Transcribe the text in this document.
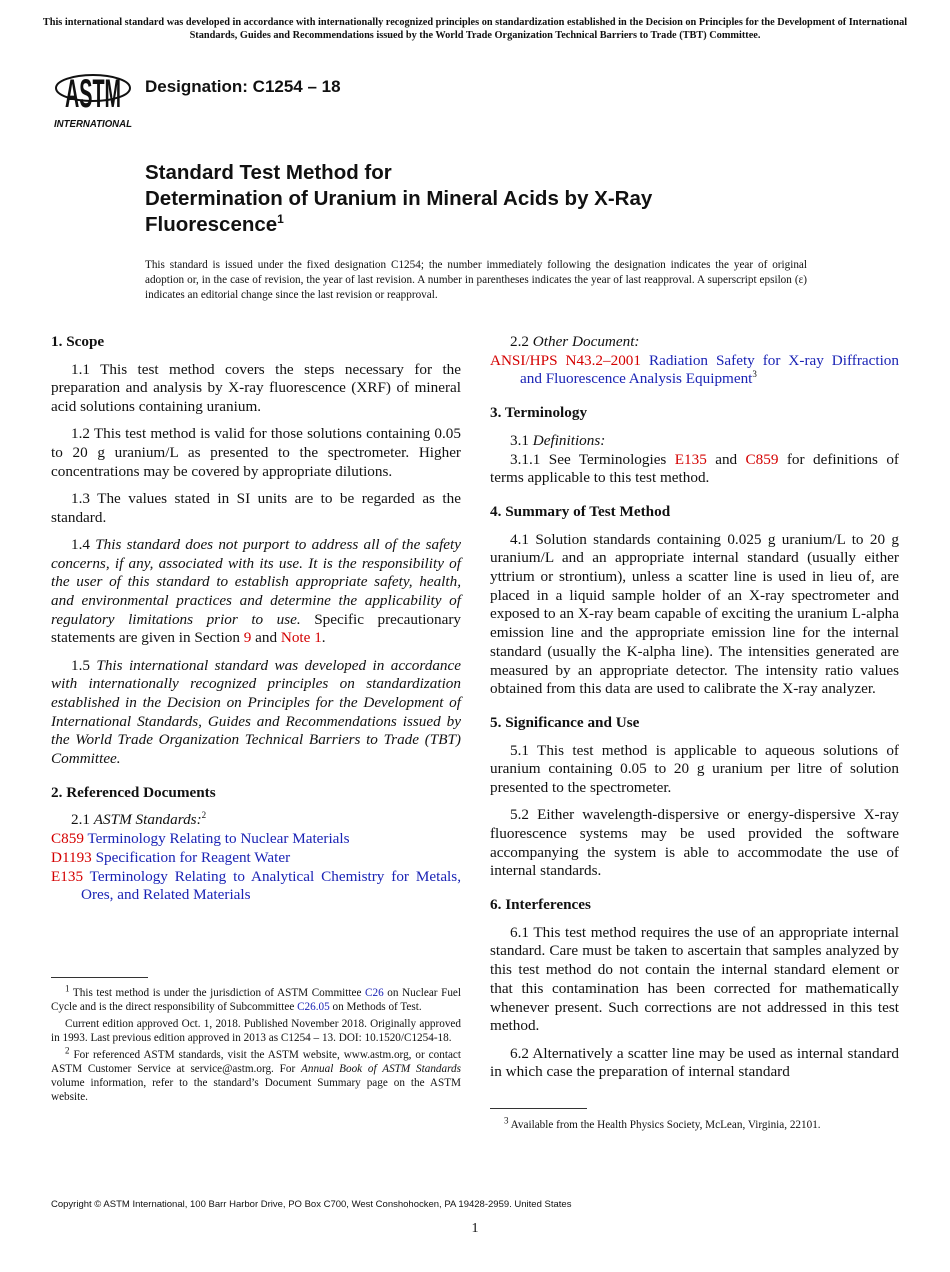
This international standard was developed in accordance with internationally recognized principles on standardization established in the Decision on Principles for the Development of International Standards, Guides and Recommendations issued by the World Trade Organization Technical Barriers to Trade (TBT) Committee.
ASTM
INTERNATIONAL
Designation: C1254 – 18
Standard Test Method for
Determination of Uranium in Mineral Acids by X-Ray
Fluorescence$^1$
This standard is issued under the fixed designation C1254; the number immediately following the designation indicates the year of original adoption or, in the case of revision, the year of last revision. A number in parentheses indicates the year of last reapproval. A superscript epsilon (ε) indicates an editorial change since the last revision or reapproval.
1. Scope

1.1 This test method covers the steps necessary for the preparation and analysis by X-ray fluorescence (XRF) of mineral acid solutions containing uranium.

1.2 This test method is valid for those solutions containing 0.05 to 20 g uranium/L as presented to the spectrometer. Higher concentrations may be covered by appropriate dilutions.

1.3 The values stated in SI units are to be regarded as the standard.

1.4 This standard does not purport to address all of the safety concerns, if any, associated with its use. It is the responsibility of the user of this standard to establish appropriate safety, health, and environmental practices and determine the applicability of regulatory limitations prior to use. Specific precautionary statements are given in Section 9 and Note 1.

1.5 This international standard was developed in accordance with internationally recognized principles on standardization established in the Decision on Principles for the Development of International Standards, Guides and Recommendations issued by the World Trade Organization Technical Barriers to Trade (TBT) Committee.

2. Referenced Documents

2.1 ASTM Standards:$^2$

C859 Terminology Relating to Nuclear Materials

D1193 Specification for Reagent Water

E135 Terminology Relating to Analytical Chemistry for Metals, Ores, and Related Materials

2.2 Other Document:

ANSI/HPS N43.2–2001 Radiation Safety for X-ray Diffraction and Fluorescence Analysis Equipment$^3$

3. Terminology

3.1 Definitions:

3.1.1 See Terminologies E135 and C859 for definitions of terms applicable to this test method.

4. Summary of Test Method

4.1 Solution standards containing 0.025 g uranium/L to 20 g uranium/L and an appropriate internal standard (usually either yttrium or strontium), unless a scatter line is used in lieu of, are placed in a liquid sample holder of an X-ray spectrometer and exposed to an X-ray beam capable of exciting the uranium L-alpha emission line and the appropriate emission line for the internal standard (usually the K-alpha line). The intensities generated are measured by an appropriate detector. The intensity ratio values obtained from this data are used to calibrate the X-ray analyzer.

5. Significance and Use

5.1 This test method is applicable to aqueous solutions of uranium containing 0.05 to 20 g uranium per litre of solution presented to the spectrometer.

5.2 Either wavelength-dispersive or energy-dispersive X-ray fluorescence systems may be used provided the software accompanying the system is able to accommodate the use of internal standards.

6. Interferences

6.1 This test method requires the use of an appropriate internal standard. Care must be taken to ascertain that samples analyzed by this test method do not contain the internal standard element or that this contamination has been corrected for mathematically whenever present. Such corrections are not addressed in this test method.

6.2 Alternatively a scatter line may be used as internal standard in which case the preparation of internal standard

$^1$ This test method is under the jurisdiction of ASTM Committee C26 on Nuclear Fuel Cycle and is the direct responsibility of Subcommittee C26.05 on Methods of Test.

Current edition approved Oct. 1, 2018. Published November 2018. Originally approved in 1993. Last previous edition approved in 2013 as C1254 – 13. DOI: 10.1520/C1254-18.

$^2$ For referenced ASTM standards, visit the ASTM website, www.astm.org, or contact ASTM Customer Service at service@astm.org. For Annual Book of ASTM Standards volume information, refer to the standard’s Document Summary page on the ASTM website.

$^3$ Available from the Health Physics Society, McLean, Virginia, 22101.

Copyright © ASTM International, 100 Barr Harbor Drive, PO Box C700, West Conshohocken, PA 19428-2959. United States
1
